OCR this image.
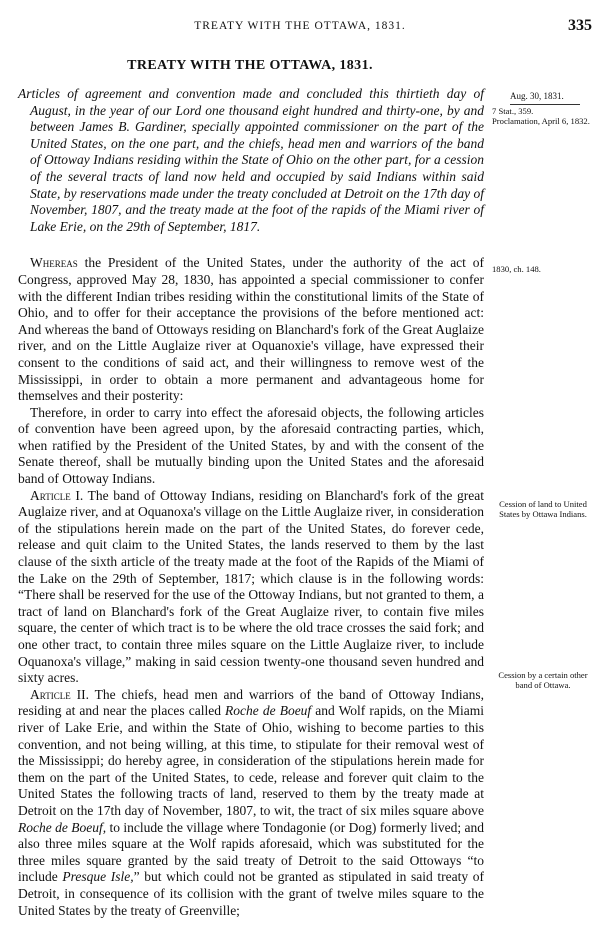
TREATY WITH THE OTTAWA, 1831.	335
TREATY WITH THE OTTAWA, 1831.
Aug. 30, 1831.
7 Stat., 359.
Proclamation, April 6, 1832.
1830, ch. 148.
Cession of land to United States by Ottawa Indians.
Cession by a certain other band of Ottawa.

Articles of agreement and convention made and concluded this thirtieth day of August, in the year of our Lord one thousand eight hundred and thirty-one, by and between James B. Gardiner, specially appointed commissioner on the part of the United States, on the one part, and the chiefs, head men and warriors of the band of Ottoway Indians residing within the State of Ohio on the other part, for a cession of the several tracts of land now held and occupied by said Indians within said State, by reservations made under the treaty concluded at Detroit on the 17th day of November, 1807, and the treaty made at the foot of the rapids of the Miami river of Lake Erie, on the 29th of September, 1817.

Whereas the President of the United States, under the authority of the act of Congress, approved May 28, 1830, has appointed a special commissioner to confer with the different Indian tribes residing within the constitutional limits of the State of Ohio, and to offer for their acceptance the provisions of the before mentioned act: And whereas the band of Ottoways residing on Blanchard's fork of the Great Auglaize river, and on the Little Auglaize river at Oquanoxie's village, have expressed their consent to the conditions of said act, and their willingness to remove west of the Mississippi, in order to obtain a more permanent and advantageous home for themselves and their posterity:

Therefore, in order to carry into effect the aforesaid objects, the following articles of convention have been agreed upon, by the aforesaid contracting parties, which, when ratified by the President of the United States, by and with the consent of the Senate thereof, shall be mutually binding upon the United States and the aforesaid band of Ottoway Indians.

Article I. The band of Ottoway Indians, residing on Blanchard's fork of the great Auglaize river, and at Oquanoxa's village on the Little Auglaize river, in consideration of the stipulations herein made on the part of the United States, do forever cede, release and quit claim to the United States, the lands reserved to them by the last clause of the sixth article of the treaty made at the foot of the Rapids of the Miami of the Lake on the 29th of September, 1817; which clause is in the following words: “There shall be reserved for the use of the Ottoway Indians, but not granted to them, a tract of land on Blanchard's fork of the Great Auglaize river, to contain five miles square, the center of which tract is to be where the old trace crosses the said fork; and one other tract, to contain three miles square on the Little Auglaize river, to include Oquanoxa's village,” making in said cession twenty-one thousand seven hundred and sixty acres.

Article II. The chiefs, head men and warriors of the band of Ottoway Indians, residing at and near the places called Roche de Boeuf and Wolf rapids, on the Miami river of Lake Erie, and within the State of Ohio, wishing to become parties to this convention, and not being willing, at this time, to stipulate for their removal west of the Mississippi; do hereby agree, in consideration of the stipulations herein made for them on the part of the United States, to cede, release and forever quit claim to the United States the following tracts of land, reserved to them by the treaty made at Detroit on the 17th day of November, 1807, to wit, the tract of six miles square above Roche de Boeuf, to include the village where Tondagonie (or Dog) formerly lived; and also three miles square at the Wolf rapids aforesaid, which was substituted for the three miles square granted by the said treaty of Detroit to the said Ottoways “to include Presque Isle,” but which could not be granted as stipulated in said treaty of Detroit, in consequence of its collision with the grant of twelve miles square to the United States by the treaty of Greenville;
